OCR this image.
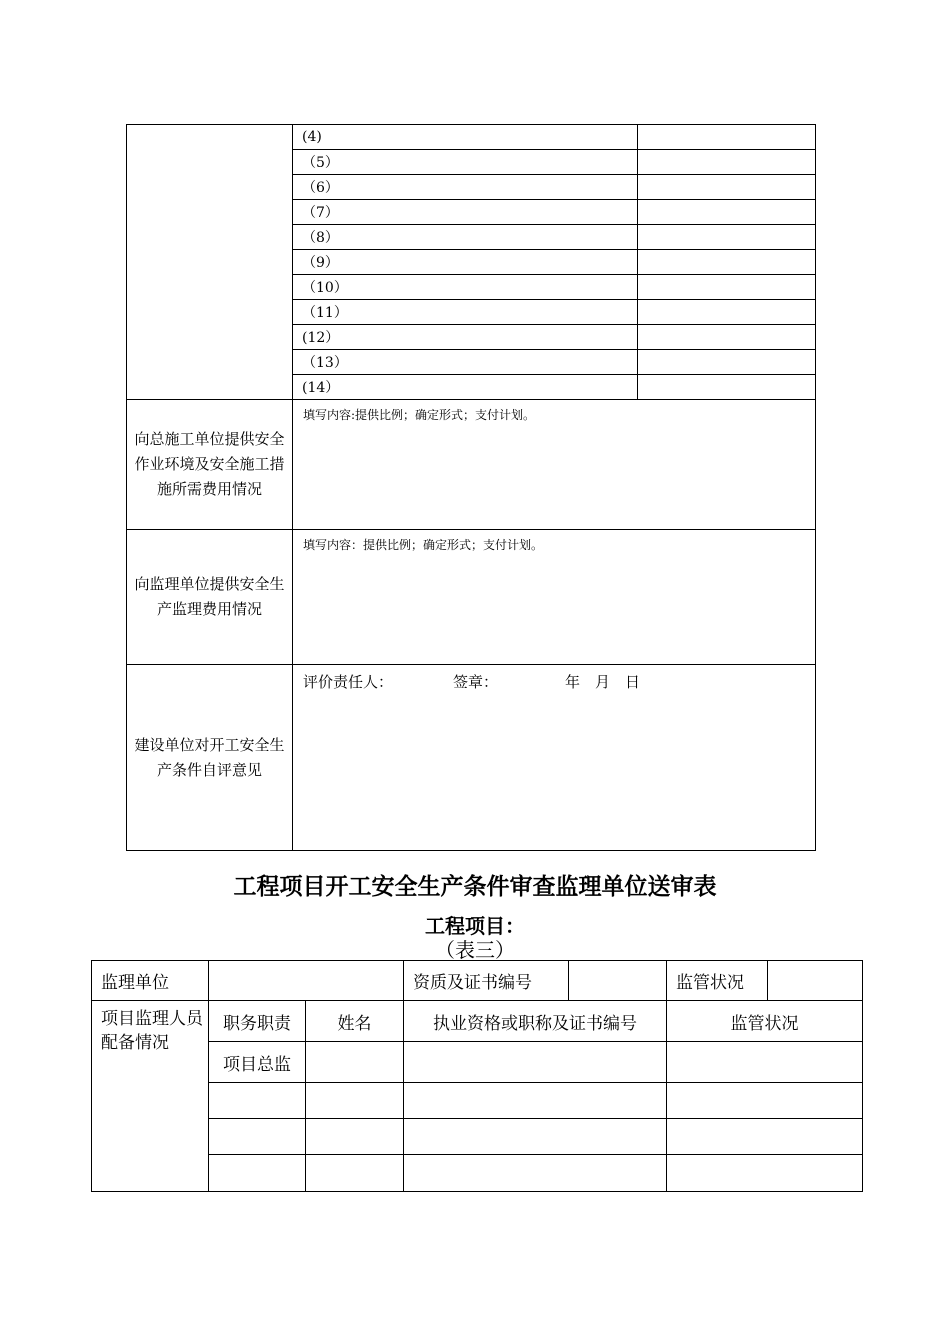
	(4)	
	（5）	
	（6）	
	（7）	
	（8）	
	（9）	
	（10）	
	（11）	
	(12）	
	（13）	
	(14）	
向总施工单位提供安全作业环境及安全施工措施所需费用情况	填写内容:提供比例；确定形式；支付计划。	
向监理单位提供安全生产监理费用情况	填写内容：提供比例；确定形式；支付计划。	
建设单位对开工安全生产条件自评意见	评价责任人： 签章： 年　月　日	
工程项目开工安全生产条件审查监理单位送审表
工程项目：
（表三）
监理单位			资质及证书编号		监管状况	
项目监理人员配备情况	职务职责	姓名	执业资格或职称及证书编号		监管状况	
	项目总监					
